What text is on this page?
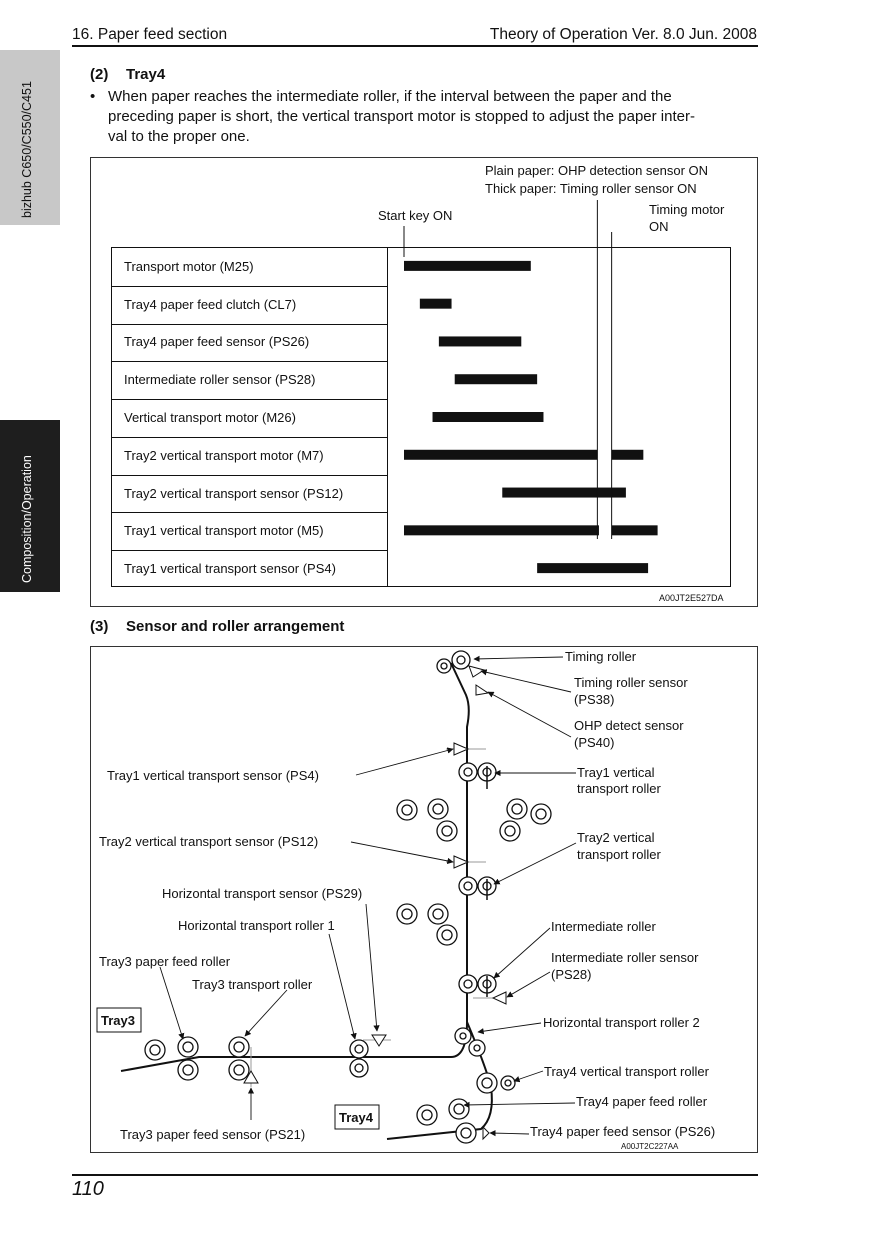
16. Paper feed section	Theory of Operation Ver. 8.0 Jun. 2008
bizhub C650/C550/C451
Composition/Operation
(2) Tray4
• When paper reaches the intermediate roller, if the interval between the paper and the
preceding paper is short, the vertical transport motor is stopped to adjust the paper inter-
val to the proper one.
Plain paper: OHP detection sensor ON
Thick paper: Timing roller sensor ON
Start key ON	Timing motor
ON
Transport motor (M25)
Tray4 paper feed clutch (CL7)
Tray4 paper feed sensor (PS26)
Intermediate roller sensor (PS28)
Vertical transport motor (M26)
Tray2 vertical transport motor (M7)
Tray2 vertical transport sensor (PS12)
Tray1 vertical transport motor (M5)
Tray1 vertical transport sensor (PS4)
A00JT2E527DA
(3) Sensor and roller arrangement
Timing roller
Timing roller sensor
(PS38)
OHP detect sensor
(PS40)
Tray1 vertical transport sensor (PS4)	Tray1 vertical
transport roller
Tray2 vertical transport sensor (PS12)	Tray2 vertical
transport roller
Horizontal transport sensor (PS29)
Horizontal transport roller 1	Intermediate roller
Intermediate roller sensor
(PS28)
Tray3 paper feed roller
Tray3 transport roller
Tray3	Horizontal transport roller 2
Tray4 vertical transport roller
Tray4
Tray4 paper feed roller
Tray3 paper feed sensor (PS21)	Tray4 paper feed sensor (PS26)
A00JT2C227AA
110
